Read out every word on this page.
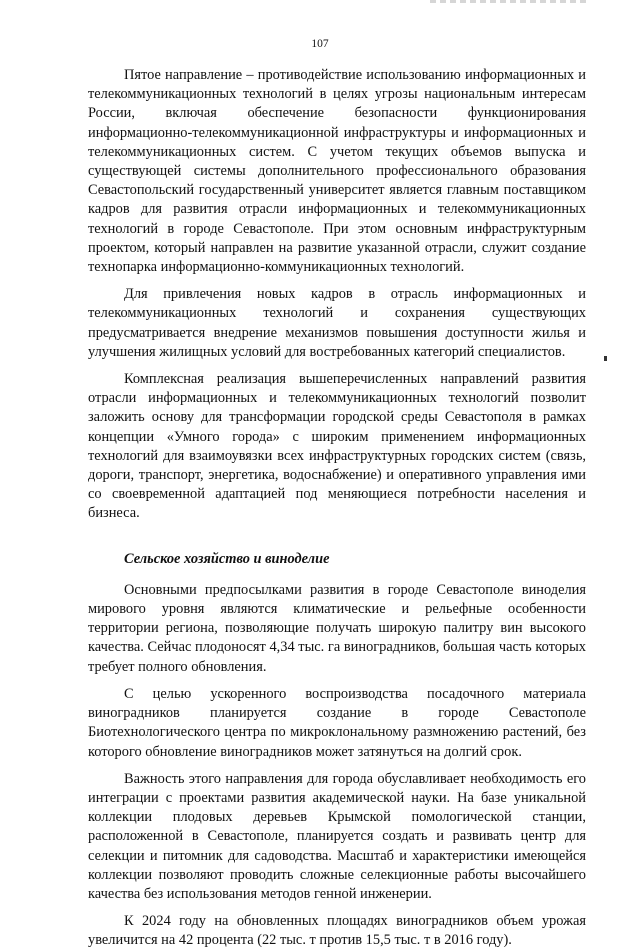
107

Пятое направление – противодействие использованию информационных и телекоммуникационных технологий в целях угрозы национальным интересам России, включая обеспечение безопасности функционирования информационно-телекоммуникационной инфраструктуры и информационных и телекоммуникационных систем. С учетом текущих объемов выпуска и существующей системы дополнительного профессионального образования Севастопольский государственный университет является главным поставщиком кадров для развития отрасли информационных и телекоммуникационных технологий в городе Севастополе. При этом основным инфраструктурным проектом, который направлен на развитие указанной отрасли, служит создание технопарка информационно-коммуникационных технологий.

Для привлечения новых кадров в отрасль информационных и телекоммуникационных технологий и сохранения существующих предусматривается внедрение механизмов повышения доступности жилья и улучшения жилищных условий для востребованных категорий специалистов.

Комплексная реализация вышеперечисленных направлений развития отрасли информационных и телекоммуникационных технологий позволит заложить основу для трансформации городской среды Севастополя в рамках концепции «Умного города» с широким применением информационных технологий для взаимоувязки всех инфраструктурных городских систем (связь, дороги, транспорт, энергетика, водоснабжение) и оперативного управления ими со своевременной адаптацией под меняющиеся потребности населения и бизнеса.

Сельское хозяйство и виноделие

Основными предпосылками развития в городе Севастополе виноделия мирового уровня являются климатические и рельефные особенности территории региона, позволяющие получать широкую палитру вин высокого качества. Сейчас плодоносят 4,34 тыс. га виноградников, большая часть которых требует полного обновления.

С целью ускоренного воспроизводства посадочного материала виноградников планируется создание в городе Севастополе Биотехнологического центра по микроклональному размножению растений, без которого обновление виноградников может затянуться на долгий срок.

Важность этого направления для города обуславливает необходимость его интеграции с проектами развития академической науки. На базе уникальной коллекции плодовых деревьев Крымской помологической станции, расположенной в Севастополе, планируется создать и развивать центр для селекции и питомник для садоводства. Масштаб и характеристики имеющейся коллекции позволяют проводить сложные селекционные работы высочайшего качества без использования методов генной инженерии.

К 2024 году на обновленных площадях виноградников объем урожая увеличится на 42 процента (22 тыс. т против 15,5 тыс. т в 2016 году).
